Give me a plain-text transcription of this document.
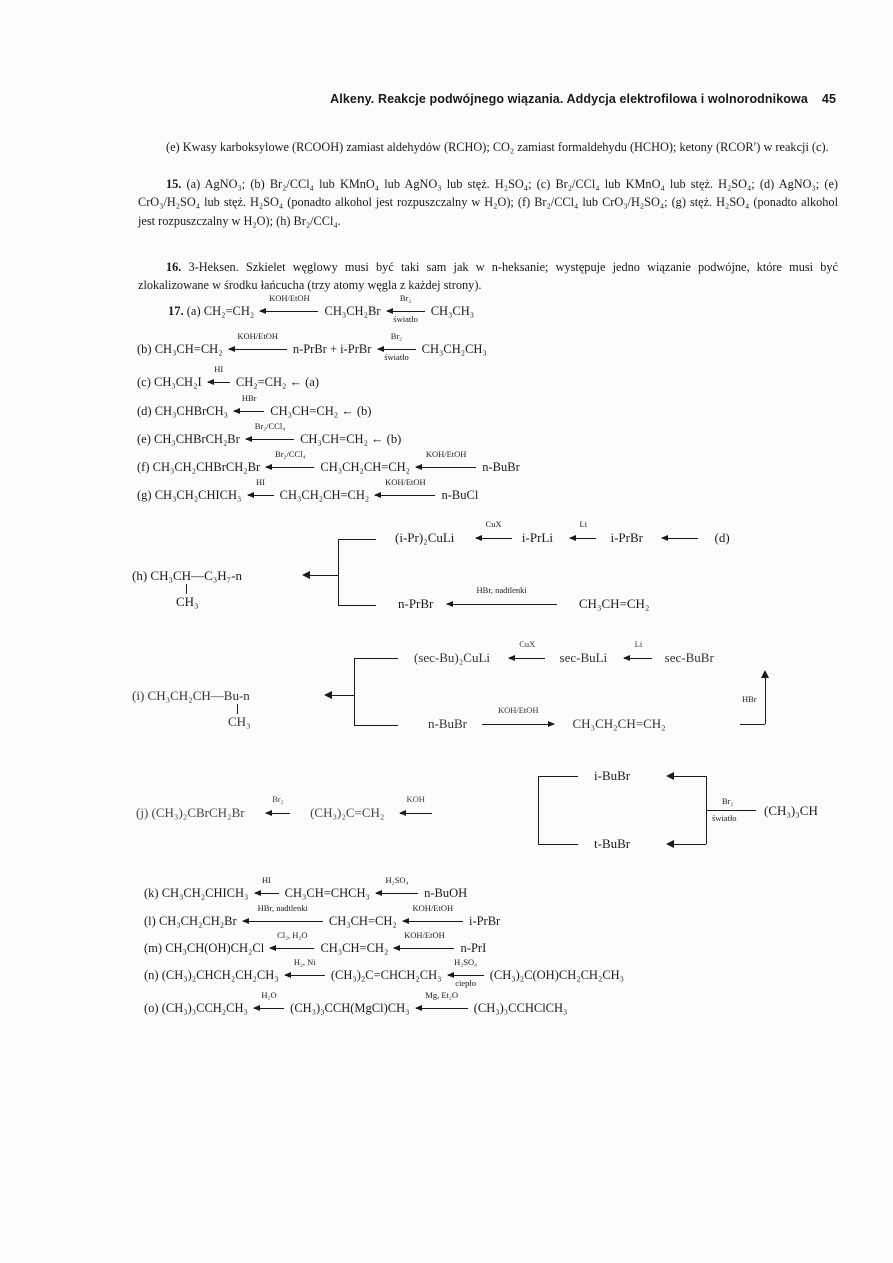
Alkeny. Reakcje podwójnego wiązania. Addycja elektrofilowa i wolnorodnikowa 45
(e) Kwasy karboksylowe (RCOOH) zamiast aldehydów (RCHO); CO₂ zamiast formaldehydu (HCHO); ketony (RCOR′) w reakcji (c).
15. (a) AgNO₃; (b) Br₂/CCl₄ lub KMnO₄ lub AgNO₃ lub stęż. H₂SO₄; (c) Br₂/CCl₄ lub KMnO₄ lub stęż. H₂SO₄; (d) AgNO₃; (e) CrO₃/H₂SO₄ lub stęż. H₂SO₄ (ponadto alkohol jest rozpuszczalny w H₂O); (f) Br₂/CCl₄ lub CrO₃/H₂SO₄; (g) stęż. H₂SO₄ (ponadto alkohol jest rozpuszczalny w H₂O); (h) Br₂/CCl₄.
16. 3-Heksen. Szkielet węglowy musi być taki sam jak w n-heksanie; występuje jedno wiązanie podwójne, które musi być zlokalizowane w środku łańcucha (trzy atomy węgla z każdej strony).
17. (a) CH₂=CH₂
KOH/EtOH
CH₃CH₂Br
Br₂
światło
CH₃CH₃
(b) CH₃CH=CH₂
KOH/EtOH
n-PrBr + i-PrBr
Br₂
światło
CH₃CH₂CH₃
(c) CH₃CH₂I
HI
CH₂=CH₂ ← (a)
(d) CH₃CHBrCH₃
HBr
CH₃CH=CH₂ ← (b)
(e) CH₃CHBrCH₂Br
Br₂/CCl₄
CH₃CH=CH₂ ← (b)
(f) CH₃CH₂CHBrCH₂Br
Br₂/CCl₄
CH₃CH₂CH=CH₂
KOH/EtOH
n-BuBr
(g) CH₃CH₂CHICH₃
HI
CH₃CH₂CH=CH₂
KOH/EtOH
n-BuCl
(h) CH₃CH—C₃H₇-n
CH₃
(i-Pr)₂CuLi
CuX
i-PrLi
Li
i-PrBr	(d)
n-PrBr
HBr, nadtlenki
CH₃CH=CH₂
(i) CH₃CH₂CH—Bu-n
CH₃
(sec-Bu)₂CuLi
CuX
sec-BuLi
Li
sec-BuBr
HBr
n-BuBr
KOH/EtOH
CH₃CH₂CH=CH₂
(j) (CH₃)₂CBrCH₂Br
Br₂
(CH₃)₂C=CH₂
KOH
i-BuBr
t-BuBr
Br₂
światło (CH₃)₃CH
(k) CH₃CH₂CHICH₃
HI
CH₃CH=CHCH₃
H₂SO₄
n-BuOH
(l) CH₃CH₂CH₂Br
HBr, nadtlenki
CH₃CH=CH₂
KOH/EtOH
i-PrBr
(m) CH₃CH(OH)CH₂Cl
Cl₂, H₂O
CH₃CH=CH₂
KOH/EtOH
n-PrI
(n) (CH₃)₂CHCH₂CH₂CH₃
H₂, Ni
(CH₃)₂C=CHCH₂CH₃
H₂SO₄
ciepło
(CH₃)₂C(OH)CH₂CH₂CH₃
(o) (CH₃)₃CCH₂CH₃
H₂O
(CH₃)₃CCH(MgCl)CH₃
Mg, Et₂O
(CH₃)₃CCHClCH₃
